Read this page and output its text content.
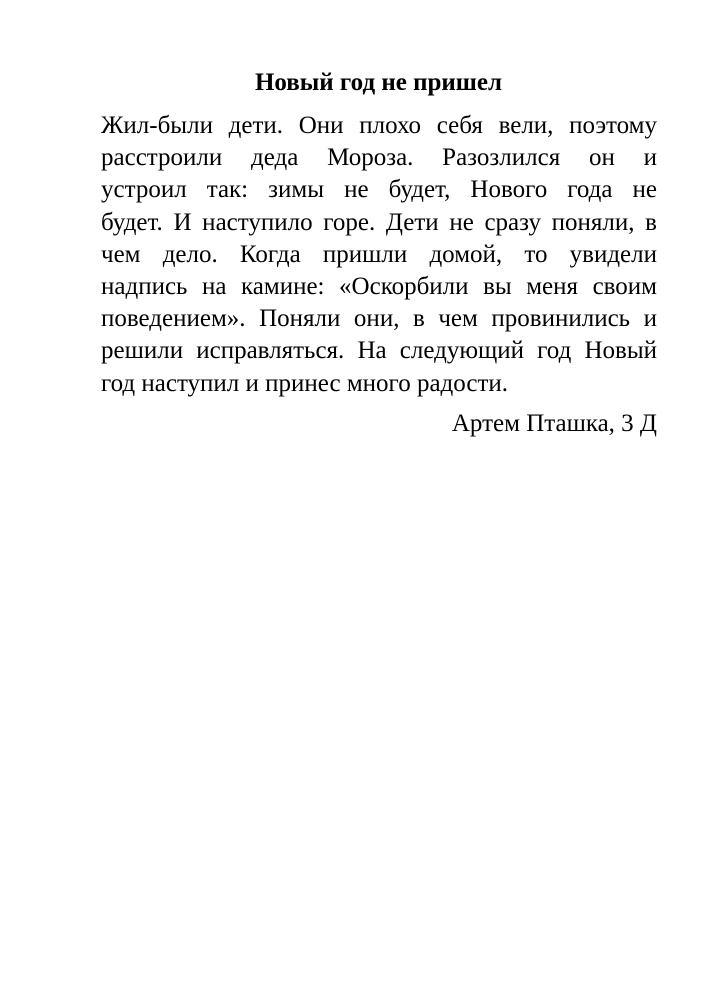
Новый год не пришел

Жил-были дети. Они плохо себя вели, поэтому
расстроили деда Мороза. Разозлился он и
устроил так: зимы не будет, Нового года не
будет. И наступило горе. Дети не сразу поняли, в
чем дело. Когда пришли домой, то увидели
надпись на камине: «Оскорбили вы меня своим
поведением». Поняли они, в чем провинились и
решили исправляться. На следующий год Новый
год наступил и принес много радости.

Артем Пташка, 3 Д
